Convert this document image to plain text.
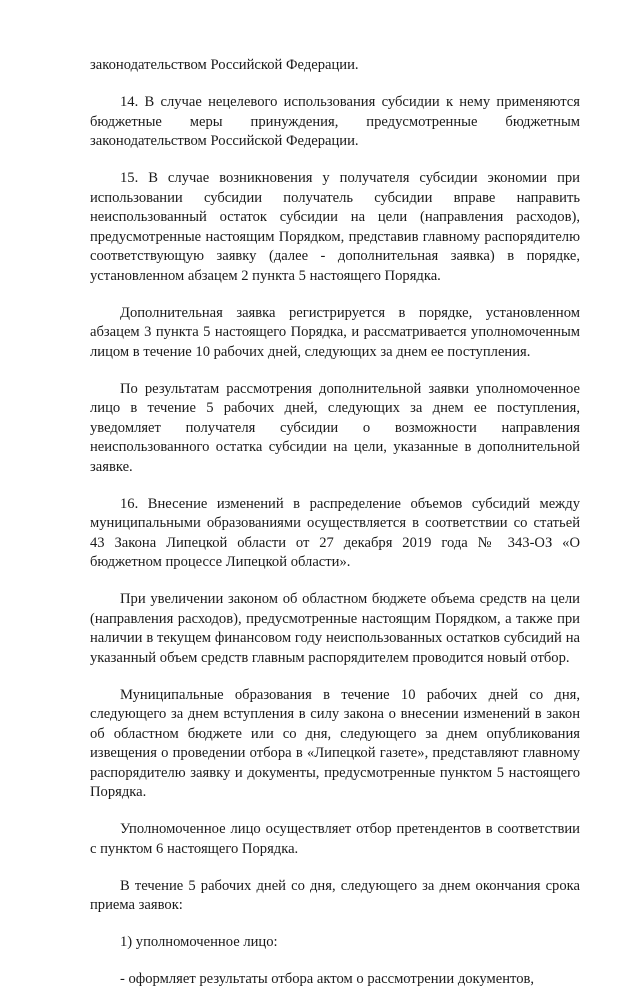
законодательством Российской Федерации.

14. В случае нецелевого использования субсидии к нему применяются бюджетные меры принуждения, предусмотренные бюджетным законодательством Российской Федерации.

15. В случае возникновения у получателя субсидии экономии при использовании субсидии получатель субсидии вправе направить неиспользованный остаток субсидии на цели (направления расходов), предусмотренные настоящим Порядком, представив главному распорядителю соответствующую заявку (далее - дополнительная заявка) в порядке, установленном абзацем 2 пункта 5 настоящего Порядка.

Дополнительная заявка регистрируется в порядке, установленном абзацем 3 пункта 5 настоящего Порядка, и рассматривается уполномоченным лицом в течение 10 рабочих дней, следующих за днем ее поступления.

По результатам рассмотрения дополнительной заявки уполномоченное лицо в течение 5 рабочих дней, следующих за днем ее поступления, уведомляет получателя субсидии о возможности направления неиспользованного остатка субсидии на цели, указанные в дополнительной заявке.

16. Внесение изменений в распределение объемов субсидий между муниципальными образованиями осуществляется в соответствии со статьей 43 Закона Липецкой области от 27 декабря 2019 года № 343-ОЗ «О бюджетном процессе Липецкой области».

При увеличении законом об областном бюджете объема средств на цели (направления расходов), предусмотренные настоящим Порядком, а также при наличии в текущем финансовом году неиспользованных остатков субсидий на указанный объем средств главным распорядителем проводится новый отбор.

Муниципальные образования в течение 10 рабочих дней со дня, следующего за днем вступления в силу закона о внесении изменений в закон об областном бюджете или со дня, следующего за днем опубликования извещения о проведении отбора в «Липецкой газете», представляют главному распорядителю заявку и документы, предусмотренные пунктом 5 настоящего Порядка.

Уполномоченное лицо осуществляет отбор претендентов в соответствии с пунктом 6 настоящего Порядка.

В течение 5 рабочих дней со дня, следующего за днем окончания срока приема заявок:

1) уполномоченное лицо:

- оформляет результаты отбора актом о рассмотрении документов,
